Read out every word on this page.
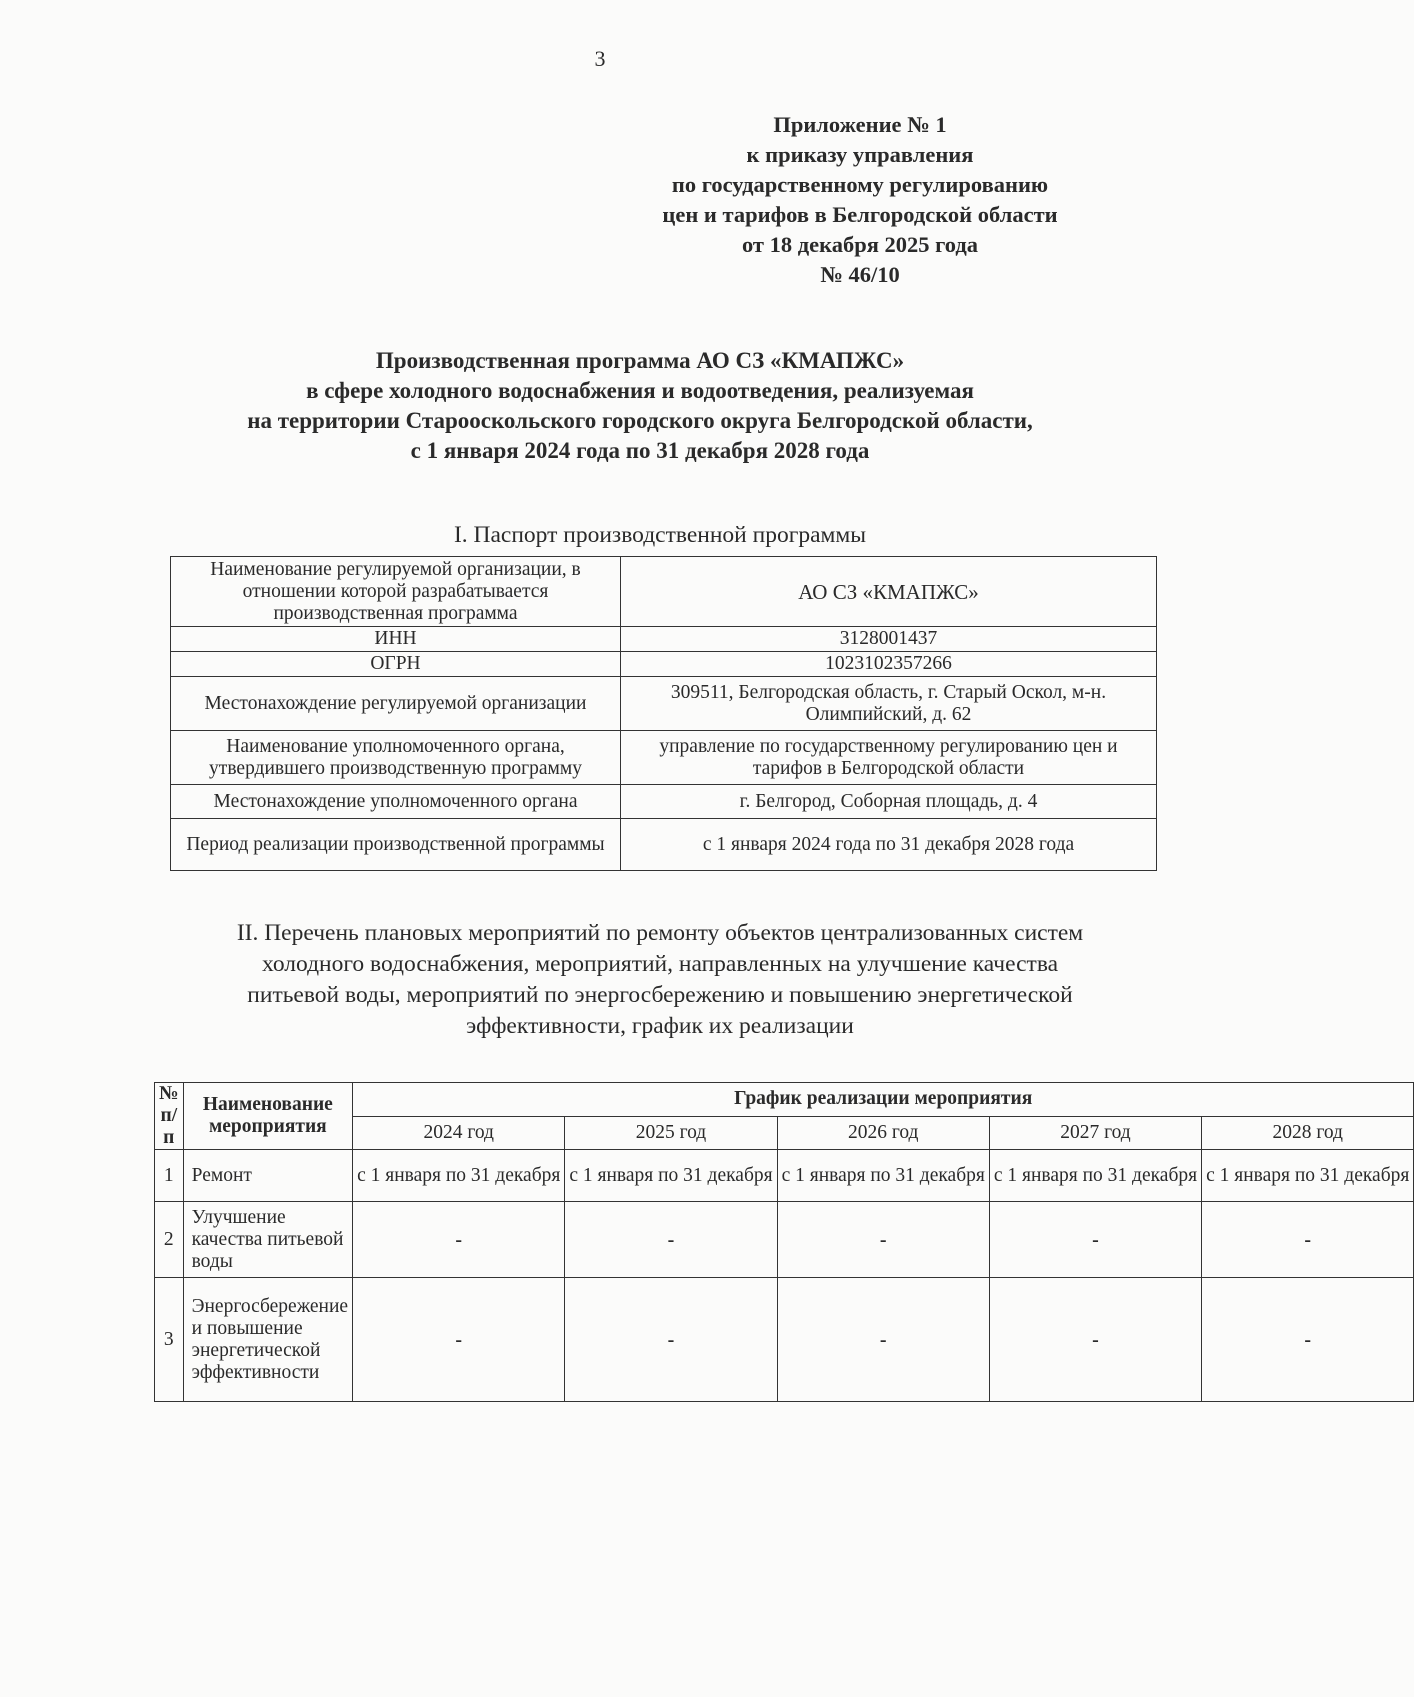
3
Приложение № 1
к приказу управления
по государственному регулированию
цен и тарифов в Белгородской области
от 18 декабря 2025 года
№ 46/10
Производственная программа АО СЗ «КМАПЖС»
в сфере холодного водоснабжения и водоотведения, реализуемая
на территории Старооскольского городского округа Белгородской области,
с 1 января 2024 года по 31 декабря 2028 года
I. Паспорт производственной программы
Наименование регулируемой организации, в отношении которой разрабатывается производственная программа	АО СЗ «КМАПЖС»
ИНН	3128001437
ОГРН	1023102357266
Местонахождение регулируемой организации	309511, Белгородская область, г. Старый Оскол, м-н. Олимпийский, д. 62
Наименование уполномоченного органа, утвердившего производственную программу	управление по государственному регулированию цен и тарифов в Белгородской области
Местонахождение уполномоченного органа	г. Белгород, Соборная площадь, д. 4
Период реализации производственной программы	с 1 января 2024 года по 31 декабря 2028 года
II. Перечень плановых мероприятий по ремонту объектов централизованных систем
холодного водоснабжения, мероприятий, направленных на улучшение качества
питьевой воды, мероприятий по энергосбережению и повышению энергетической
эффективности, график их реализации
№ п/п	Наименование мероприятия	График реализации мероприятия				
		2024 год	2025 год	2026 год	2027 год	2028 год
1	Ремонт	с 1 января по 31 декабря	с 1 января по 31 декабря	с 1 января по 31 декабря	с 1 января по 31 декабря	с 1 января по 31 декабря
2	Улучшение качества питьевой воды	-	-	-	-	-
3	Энергосбережение и повышение энергетической эффективности	-	-	-	-	-
